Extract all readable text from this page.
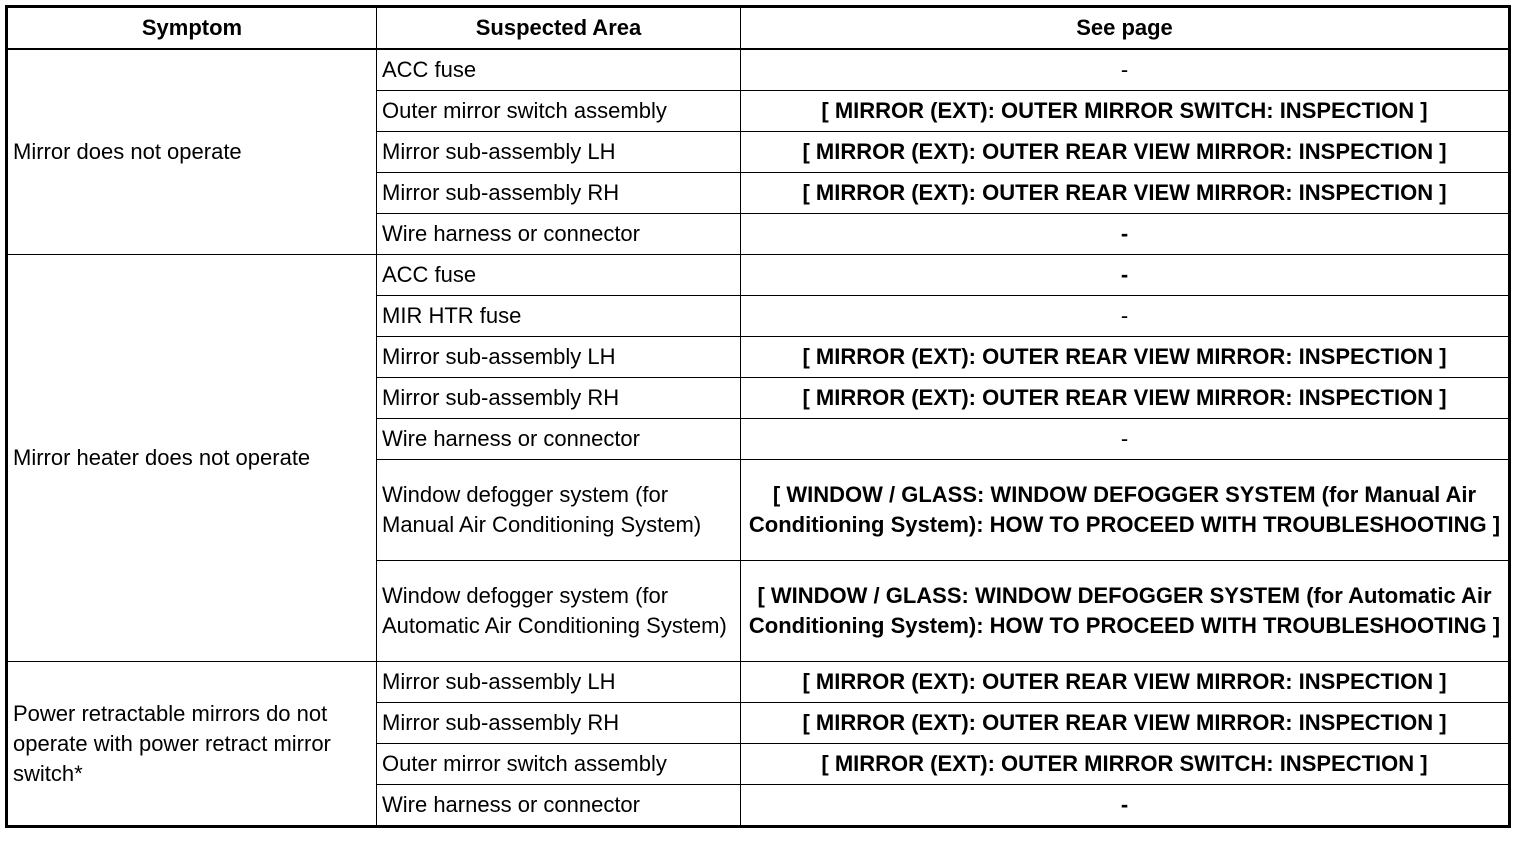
Symptom	Suspected Area	See page
Mirror does not operate	ACC fuse	-
	Outer mirror switch assembly	[ MIRROR (EXT): OUTER MIRROR SWITCH: INSPECTION ]
	Mirror sub-assembly LH	[ MIRROR (EXT): OUTER REAR VIEW MIRROR: INSPECTION ]
	Mirror sub-assembly RH	[ MIRROR (EXT): OUTER REAR VIEW MIRROR: INSPECTION ]
	Wire harness or connector	-
Mirror heater does not operate	ACC fuse	-
	MIR HTR fuse	-
	Mirror sub-assembly LH	[ MIRROR (EXT): OUTER REAR VIEW MIRROR: INSPECTION ]
	Mirror sub-assembly RH	[ MIRROR (EXT): OUTER REAR VIEW MIRROR: INSPECTION ]
	Wire harness or connector	-
	Window defogger system (for Manual Air Conditioning System)	[ WINDOW / GLASS: WINDOW DEFOGGER SYSTEM (for Manual Air Conditioning System): HOW TO PROCEED WITH TROUBLESHOOTING ]
	Window defogger system (for Automatic Air Conditioning System)	[ WINDOW / GLASS: WINDOW DEFOGGER SYSTEM (for Automatic Air Conditioning System): HOW TO PROCEED WITH TROUBLESHOOTING ]
Power retractable mirrors do not operate with power retract mirror switch*	Mirror sub-assembly LH	[ MIRROR (EXT): OUTER REAR VIEW MIRROR: INSPECTION ]
	Mirror sub-assembly RH	[ MIRROR (EXT): OUTER REAR VIEW MIRROR: INSPECTION ]
	Outer mirror switch assembly	[ MIRROR (EXT): OUTER MIRROR SWITCH: INSPECTION ]
	Wire harness or connector	-
